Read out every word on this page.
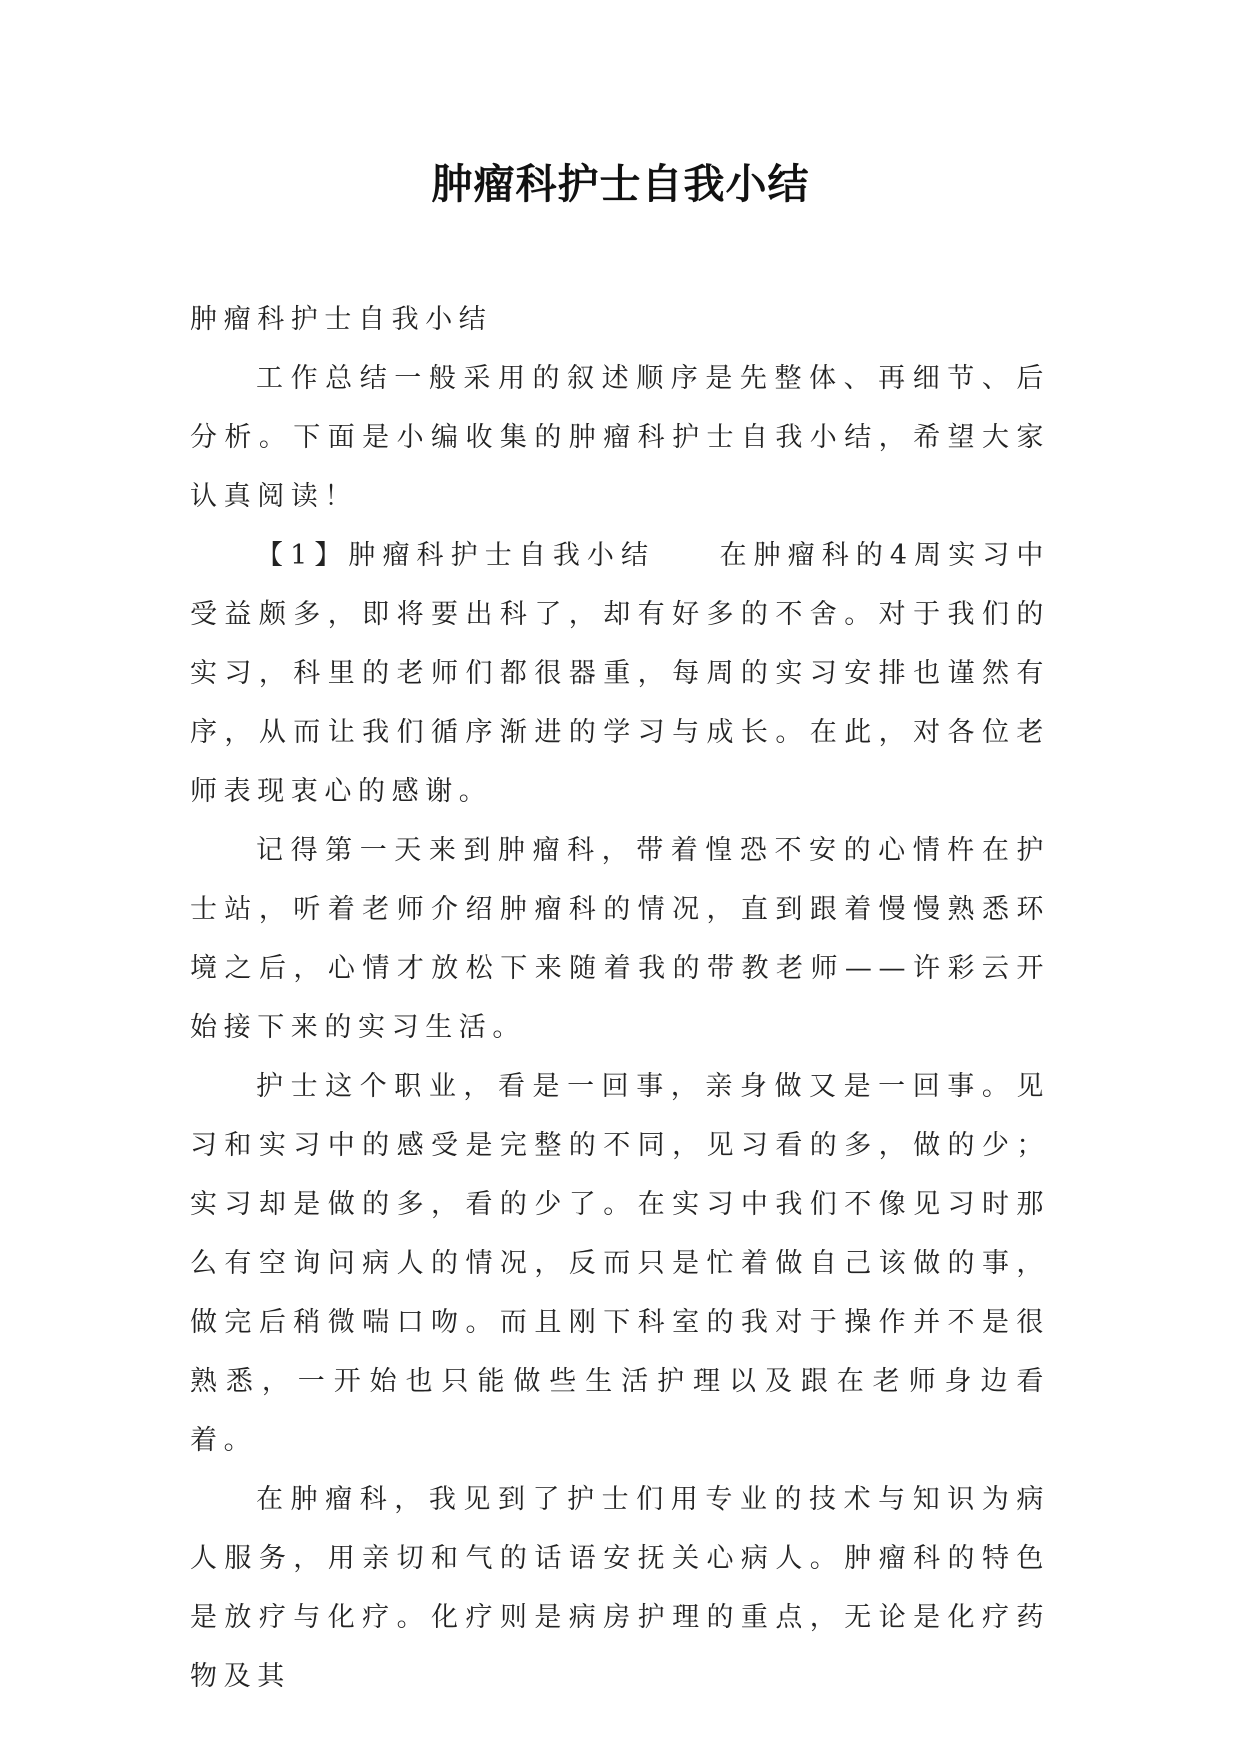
肿瘤科护士自我小结

肿瘤科护士自我小结

工作总结一般采用的叙述顺序是先整体、再细节、后分析。下面是小编收集的肿瘤科护士自我小结，希望大家认真阅读！

【1】肿瘤科护士自我小结 在肿瘤科的4周实习中受益颇多，即将要出科了，却有好多的不舍。对于我们的实习，科里的老师们都很器重，每周的实习安排也谨然有序，从而让我们循序渐进的学习与成长。在此，对各位老师表现衷心的感谢。

记得第一天来到肿瘤科，带着惶恐不安的心情杵在护士站，听着老师介绍肿瘤科的情况，直到跟着慢慢熟悉环境之后，心情才放松下来随着我的带教老师——许彩云开始接下来的实习生活。

护士这个职业，看是一回事，亲身做又是一回事。见习和实习中的感受是完整的不同，见习看的多，做的少；实习却是做的多，看的少了。在实习中我们不像见习时那么有空询问病人的情况，反而只是忙着做自己该做的事，做完后稍微喘口吻。而且刚下科室的我对于操作并不是很熟悉，一开始也只能做些生活护理以及跟在老师身边看着。

在肿瘤科，我见到了护士们用专业的技术与知识为病人服务，用亲切和气的话语安抚关心病人。肿瘤科的特色是放疗与化疗。化疗则是病房护理的重点，无论是化疗药物及其
